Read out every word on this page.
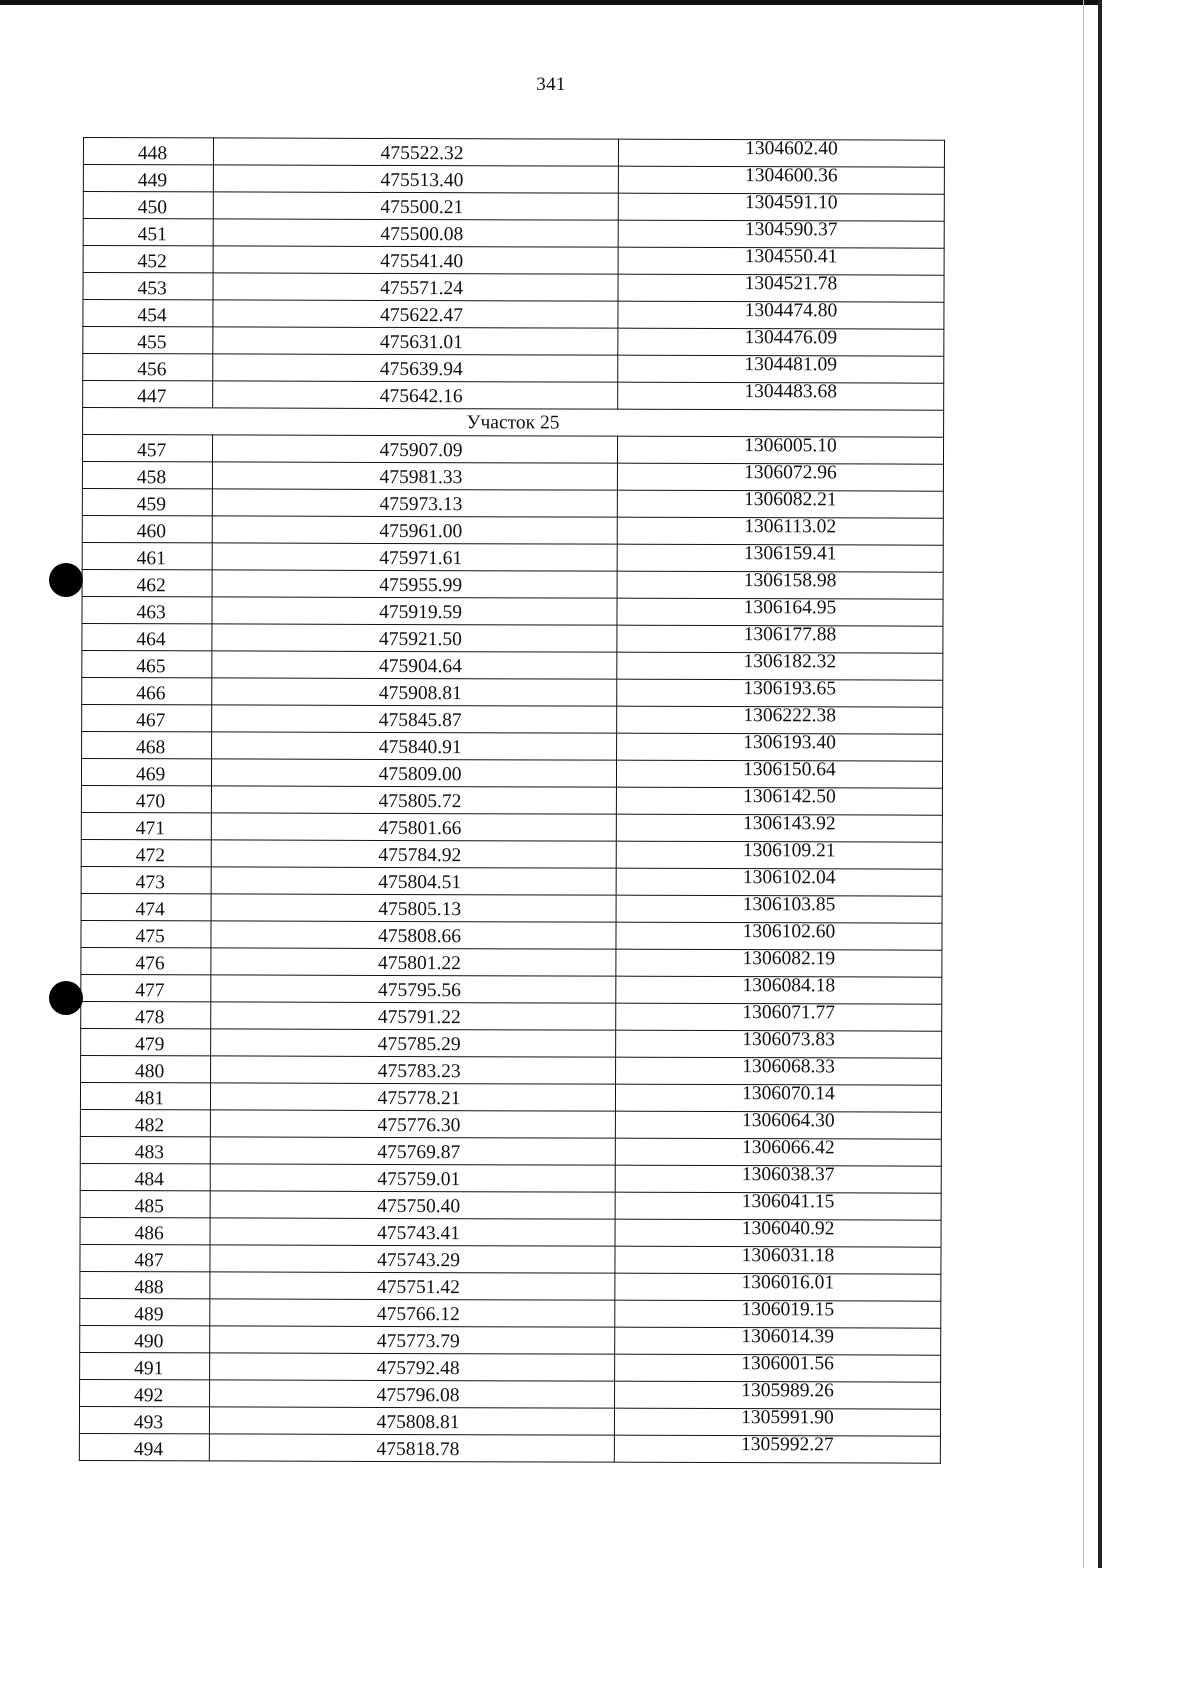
341
448	475522.32	1304602.40
449	475513.40	1304600.36
450	475500.21	1304591.10
451	475500.08	1304590.37
452	475541.40	1304550.41
453	475571.24	1304521.78
454	475622.47	1304474.80
455	475631.01	1304476.09
456	475639.94	1304481.09
447	475642.16	1304483.68
Участок 25		
457	475907.09	1306005.10
458	475981.33	1306072.96
459	475973.13	1306082.21
460	475961.00	1306113.02
461	475971.61	1306159.41
462	475955.99	1306158.98
463	475919.59	1306164.95
464	475921.50	1306177.88
465	475904.64	1306182.32
466	475908.81	1306193.65
467	475845.87	1306222.38
468	475840.91	1306193.40
469	475809.00	1306150.64
470	475805.72	1306142.50
471	475801.66	1306143.92
472	475784.92	1306109.21
473	475804.51	1306102.04
474	475805.13	1306103.85
475	475808.66	1306102.60
476	475801.22	1306082.19
477	475795.56	1306084.18
478	475791.22	1306071.77
479	475785.29	1306073.83
480	475783.23	1306068.33
481	475778.21	1306070.14
482	475776.30	1306064.30
483	475769.87	1306066.42
484	475759.01	1306038.37
485	475750.40	1306041.15
486	475743.41	1306040.92
487	475743.29	1306031.18
488	475751.42	1306016.01
489	475766.12	1306019.15
490	475773.79	1306014.39
491	475792.48	1306001.56
492	475796.08	1305989.26
493	475808.81	1305991.90
494	475818.78	1305992.27
